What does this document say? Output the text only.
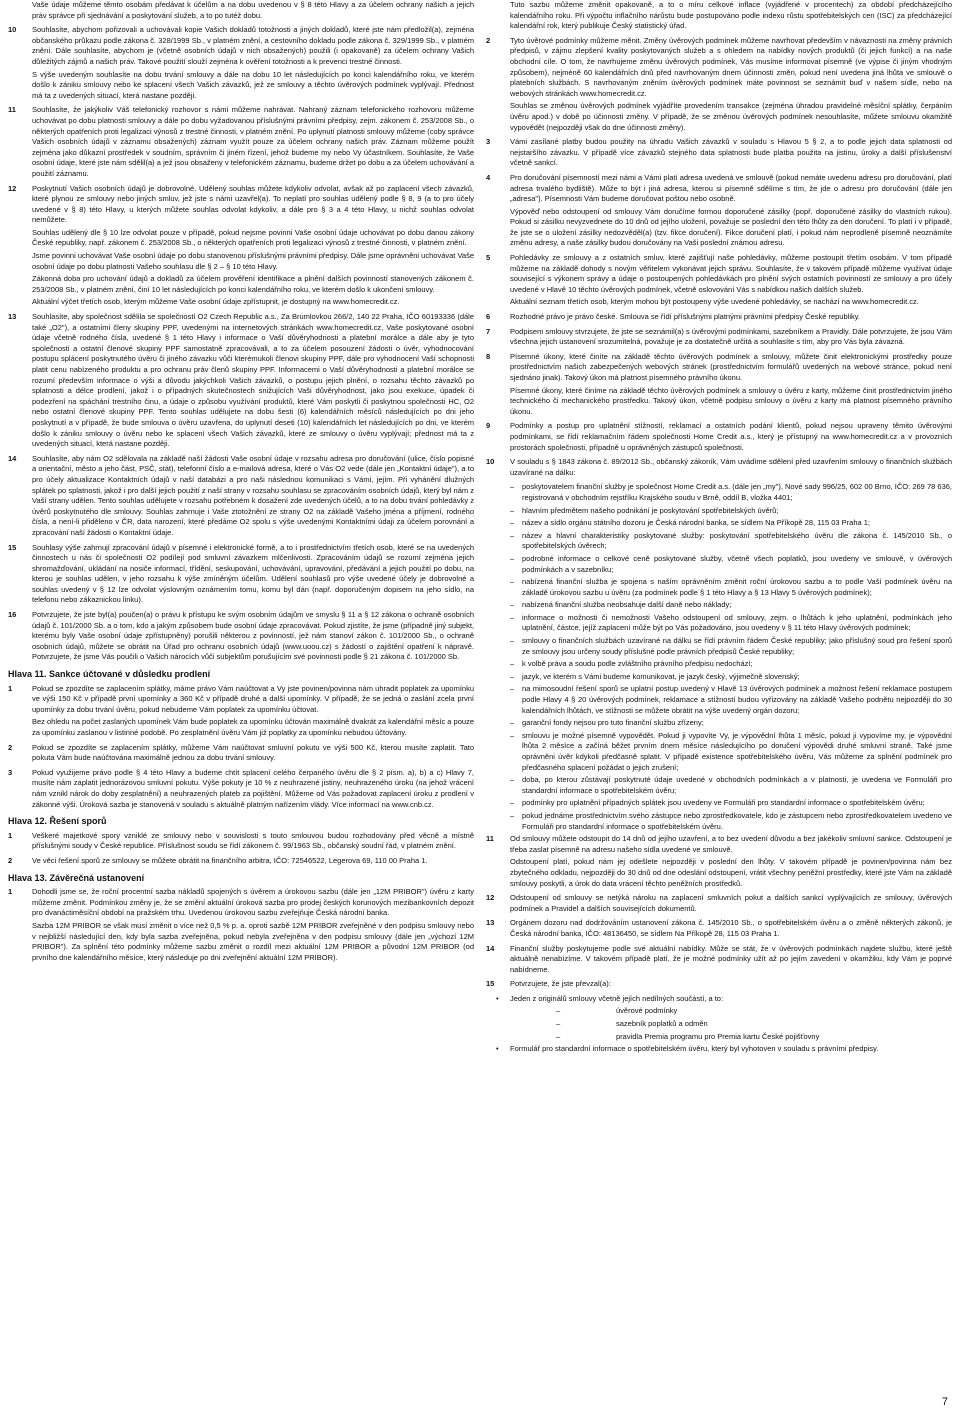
Vaše údaje můžeme těmto osobám předávat k účelům a na dobu uvedenou v § 8 této Hlavy a za účelem ochrany našich a jejich práv správce při sjednávání a poskytování služeb, a to po tutéž dobu.

10 Souhlasíte, abychom pořizovali a uchovávali kopie Vašich dokladů totožnosti a jiných dokladů, které jste nám předložil(a), zejména občanského průkazu podle zákona č. 328/1999 Sb., v platném znění, a cestovního dokladu podle zákona č. 329/1999 Sb., v platném znění. Dále souhlasíte, abychom je (včetně osobních údajů v nich obsažených) použili (i opakovaně) za účelem ochrany Vašich důležitých zájmů a našich práv. Takové použití slouží zejména k ověření totožnosti a k prevenci trestné činnosti.

S výše uvedeným souhlasíte na dobu trvání smlouvy a dále na dobu 10 let následujících po konci kalendářního roku, ve kterém došlo k zániku smlouvy nebo ke splacení všech Vašich závazků, jež ze smlouvy a těchto úvěrových podmínek vyplývají. Přednost má ta z uvedených situací, která nastane později.

11 Souhlasíte, že jakýkoliv Váš telefonický rozhovor s námi můžeme nahrávat. Nahraný záznam telefonického rozhovoru můžeme uchovávat po dobu platnosti smlouvy a dále po dobu vyžadovanou příslušnými právními předpisy, zejm. zákonem č. 253/2008 Sb., o některých opatřeních proti legalizaci výnosů z trestné činnosti, v platném znění. Po uplynutí platnosti smlouvy můžeme (coby správce Vašich osobních údajů v záznamu obsažených) záznam využít pouze za účelem ochrany našich práv. Záznam můžeme použít zejména jako důkazní prostředek v soudním, správním či jiném řízení, jehož budeme my nebo Vy účastníkem. Souhlasíte, že Vaše osobní údaje, které jste nám sdělil(a) a jež jsou obsaženy v telefonickém záznamu, budeme držet po dobu a za účelem uchovávání a použití záznamu.

12 Poskytnutí Vašich osobních údajů je dobrovolné. Udělený souhlas můžete kdykoliv odvolat, avšak až po zaplacení všech závazků, které plynou ze smlouvy nebo jiných smluv, jež jste s námi uzavřel(a). To neplatí pro souhlas udělený podle § 8, 9 (a to pro účely uvedené v § 8) této Hlavy, u kterých můžete souhlas odvolat kdykoliv, a dále pro § 3 a 4 této Hlavy, u nichž souhlas odvolat nemůžete.

Souhlas udělený dle § 10 lze odvolat pouze v případě, pokud nejsme povinni Vaše osobní údaje uchovávat po dobu danou zákony České republiky, např. zákonem č. 253/2008 Sb., o některých opatřeních proti legalizaci výnosů z trestné činnosti, v platném znění.

Jsme povinni uchovávat Vaše osobní údaje po dobu stanovenou příslušnými právními předpisy. Dále jsme oprávněni uchovávat Vaše osobní údaje po dobu platnosti Vašeho souhlasu dle § 2 – § 10 této Hlavy.

Zákonná doba pro uchování údajů a dokladů za účelem prověření identifikace a plnění dalších povinností stanovených zákonem č. 253/2008 Sb., v platném znění, činí 10 let následujících po konci kalendářního roku, ve kterém došlo k ukončení smlouvy.

Aktuální výčet třetích osob, kterým můžeme Vaše osobní údaje zpřístupnit, je dostupný na www.homecredit.cz.

13 Souhlasíte, aby společnost sdělila se společností O2 Czech Republic a.s., Za Brumlovkou 266/2, 140 22 Praha, IČO 60193336 (dále také „O2"), a ostatními členy skupiny PPF, uvedenými na internetových stránkách www.homecredit.cz, Vaše poskytované osobní údaje včetně rodného čísla, uvedené § 1 této Hlavy i informace o Vaší důvěryhodnosti a platební morálce a dále aby je tyto společnosti a ostatní členové skupiny PPF samostatně zpracovávali, a to za účelem posouzení žádosti o úvěr, vyhodnocování postupu splácení poskytnutého úvěru či jiného závazku vůči kterémukoli členovi skupiny PPF, dále pro vyhodnocení Vaší schopnosti platit cenu nabízeného produktu a pro ochranu práv členů skupiny PPF. Informacemi o Vaší důvěryhodnosti a platební morálce se rozumí především informace o výši a důvodu jakýchkoli Vašich závazků, o postupu jejich plnění, o rozsahu těchto závazků po splatnosti a délce prodlení, jakož i o případných skutečnostech snižujících Vaši důvěryhodnost, jako jsou exekuce, úpadek či podezření na spáchání trestního činu, a údaje o způsobu využívání produktů, které Vám poskytli či poskytnou společnosti HC, O2 nebo ostatní členové skupiny PPF. Tento souhlas udělujete na dobu šesti (6) kalendářních měsíců následujících po dni jeho poskytnutí a v případě, že bude smlouva o úvěru uzavřena, do uplynutí deseti (10) kalendářních let následujících po dni, ve kterém došlo k zániku smlouvy o úvěru nebo ke splacení všech Vašich závazků, které ze smlouvy o úvěru vyplývají; přednost má ta z uvedených situací, která nastane později.

14 Souhlasíte, aby nám O2 sdělovala na základě naší žádosti Vaše osobní údaje v rozsahu adresa pro doručování (ulice, číslo popisné a orientační, město a jeho část, PSČ, stát), telefonní číslo a e-mailová adresa, které o Vás O2 vede (dále jen „Kontaktní údaje"), a to pro účely aktualizace Kontaktních údajů v naší databázi a pro naši následnou komunikaci s Vámi, jejím. Při vyhánění dlužných splátek po splatnosti, jakož i pro další jejich použití z naší strany v rozsahu souhlasu se zpracováním osobních údajů, který byl nám z Vaší strany udělen. Tento souhlas udělujete v rozsahu potřebném k dosažení zde uvedených účelů, a to na dobu trvání pohledávky z úvěrů poskytnutého dle smlouvy. Souhlas zahrnuje i Vaše ztotožnění ze strany O2 na základě Vašeho jména a příjmení, rodného čísla, a není-li přiděleno v ČR, data narození, které předáme O2 spolu s výše uvedenými Kontaktními údaji za účelem porovnání a zpracování naší žádosti o Kontaktní údaje.

15 Souhlasy výše zahrnují zpracování údajů v písemné i elektronické formě, a to i prostřednictvím třetích osob, které se na uvedených činnostech u nás či společnosti O2 podílejí pod smluvní závazkem mlčenlivosti. Zpracováním údajů se rozumí zejména jejich shromažďování, ukládání na nosiče informací, třídění, seskupování, uchovávání, upravování, předávání a jejich použití po dobu, na kterou je souhlas udělen, v jeho rozsahu k výše zmíněným účelům. Udělení souhlasů pro výše uvedené účely je dobrovolné a souhlas uvedený v § 12 lze odvolat výslovným oznámením tomu, komu byl dán (např. doporučeným dopisem na jeho sídlo, na telefonu nebo zákaznickou linku).

16 Potvrzujete, že jste byl(a) poučen(a) o právu k přístupu ke svým osobním údajům ve smyslu § 11 a § 12 zákona o ochraně osobních údajů č. 101/2000 Sb. a o tom, kdo a jakým způsobem bude osobní údaje zpracovávat. Pokud zjistíte, že jsme (případně jiný subjekt, kterému byly Vaše osobní údaje zpřístupněny) porušili některou z povinností, jež nám stanoví zákon č. 101/2000 Sb., o ochraně osobních údajů, můžete se obrátit na Úřad pro ochranu osobních údajů (www.uoou.cz) s žádostí o zajištění opatření k nápravě. Potvrzujete, že jsme Vás poučili o Vašich nárocích vůči subjektům porušujícím své povinnosti podle § 21 zákona č. 101/2000 Sb.

Hlava 11. Sankce účtované v důsledku prodlení
1	Pokud se zpozdíte se zaplacením splátky, máme právo Vám naúčtovat a Vy jste povinen/povinna nám uhradit poplatek za upomínku ve výši 150 Kč v případě první upomínky a 360 Kč v případě druhé a další upomínky. V případě, že se jedná o zaslání zcela první upomínky za dobu trvání úvěru, pokud nebudeme Vám poplatek za upomínku účtovat.

Bez ohledu na počet zaslaných upomínek Vám bude poplatek za upomínku účtován maximálně dvakrát za kalendářní měsíc a pouze za upomínku zaslanou v listinné podobě. Po zesplatnění úvěru Vám již poplatky za upomínku nebudou účtovány.

2	Pokud se zpozdíte se zaplacením splátky, můžeme Vám naúčtovat smluvní pokutu ve výši 500 Kč, kterou musíte zaplatit. Tato pokuta Vám bude naúčtována maximálně jednou za dobu trvání smlouvy.

3	Pokud využijeme právo podle § 4 této Hlavy a budeme chtít splacení celého čerpaného úvěru dle § 2 písm. a), b) a c) Hlavy 7, musíte nám zaplatit jednorázovou smluvní pokutu. Výše pokuty je 10 % z neuhrazené jistiny, neuhrazeného úroku (na jehož vrácení nám vznikl nárok do doby zesplatnění) a neuhrazených plateb za pojištění. Můžeme od Vás požadovat zaplacení úroku z prodlení v zákonné výši. Úroková sazba je stanovená v souladu s aktuálně platným nařízením vlády. Více informací na www.cnb.cz.

Hlava 12. Řešení sporů
1	Veškeré majetkové spory vzniklé ze smlouvy nebo v souvislosti s touto smlouvou budou rozhodovány před věcně a místně příslušnými soudy v České republice. Příslušnost soudu se řídí zákonem č. 99/1963 Sb., občanský soudní řád, v platném znění.

2	Ve věci řešení sporů ze smlouvy se můžete obrátit na finančního arbitra, IČO: 72546522, Legerova 69, 110 00 Praha 1.

Hlava 13. Závěrečná ustanovení
1	Dohodli jsme se, že roční procentní sazba nákladů spojených s úvěrem a úrokovou sazbu (dále jen „12M PRIBOR") úvěru z karty můžeme změnit. Podmínkou změny je, že se změní aktuální úroková sazba pro prodej českých korunových mezibankovních depozit pro dvanáctiměsíční období na pražském trhu. Uvedenou úrokovou sazbu zveřejňuje Česká národní banka.

Sazba 12M PRIBOR se však musí změnit o více než 0,5 % p. a. oproti sazbě 12M PRIBOR zveřejněné v den podpisu smlouvy nebo v nejbližší následující den, kdy byla sazba zveřejněna, pokud nebyla zveřejněna v den podpisu smlouvy (dále jen „výchozí 12M PRIBOR"). Za splnění této podmínky můžeme sazbu změnit o rozdíl mezi aktuální 12M PRIBOR a původní 12M PRIBOR (od prvního dne kalendářního měsíce, který následuje po dni zveřejnění aktuální 12M PRIBOR).

Tuto sazbu můžeme změnit opakovaně, a to o míru celkové inflace (vyjádřené v procentech) za období předcházejícího kalendářního roku. Při výpočtu inflačního nárůstu bude postupováno podle indexu růstu spotřebitelských cen (ISC) za předcházející kalendářní rok, který publikuje Český statistický úřad.

2	Tyto úvěrové podmínky můžeme měnit. Změny úvěrových podmínek můžeme navrhovat především v návaznosti na změny právních předpisů, v zájmu zlepšení kvality poskytovaných služeb a s ohledem na nabídky nových produktů (či jejich funkcí) a na naše obchodní cíle. O tom, že navrhujeme změnu úvěrových podmínek, Vás musíme informovat písemně (ve výpise či jiným vhodným způsobem), nejméně 60 kalendářních dnů před navrhovaným dnem účinnosti změn, pokud není uvedena jiná lhůta ve smlouvě o platebních službách. S navrhovaným zněním úvěrových podmínek máte povinnost se seznámit buď v našem sídle, nebo na webových stránkách www.homecredit.cz.

Souhlas se změnou úvěrových podmínek vyjádříte provedením transakce (zejména úhradou pravidelné měsíční splátky, čerpáním úvěru apod.) v době po účinnosti změny. V případě, že se změnou úvěrových podmínek nesouhlasíte, můžete smlouvu okamžitě vypovědět (nejpozději však do dne účinnosti změny).

3	Vámi zasílané platby budou použity na úhradu Vašich závazků v souladu s Hlavou 5 § 2, a to podle jejich data splatnosti od nejstaršího závazku. V případě více závazků stejného data splatnosti bude platba použita na jistinu, úroky a další příslušenství včetně sankcí.

4	Pro doručování písemností mezi námi a Vámi platí adresa uvedená ve smlouvě (pokud nemáte uvedenu adresu pro doručování, platí adresa trvalého bydliště). Může to být i jiná adresa, kterou si písemně sdělíme s tím, že jde o adresu pro doručování (dále jen „adresa"). Písemnosti Vám budeme doručovat poštou nebo osobně.

Výpověď nebo odstoupení od smlouvy Vám doručíme formou doporučené zásilky (popř. doporučené zásilky do vlastních rukou). Pokud si zásilku nevyzvednete do 10 dnů od jejího uložení, považuje se poslední den této lhůty za den doručení. To platí i v případě, že jste se o uložení zásilky nedozvěděl(a) (tzv. fikce doručení). Fikce doručení platí, i pokud nám neprodleně písemně neoznámíte změnu adresy, a naše zásilky budou doručovány na Vaši poslední známou adresu.

5	Pohledávky ze smlouvy a z ostatních smluv, které zajišťují naše pohledávky, můžeme postoupit třetím osobám. V tom případě můžeme na základě dohody s novým věřitelem vykonávat jejich správu. Souhlasíte, že v takovém případě můžeme využívat údaje související s výkonem správy a údaje o postoupených pohledávkách pro plnění svých ostatních povinností ze smlouvy a pro účely uvedené v Hlavě 10 těchto úvěrových podmínek, včetně oslovování Vás s nabídkou našich dalších služeb.

Aktuální seznam třetích osob, kterým mohou být postoupeny výše uvedené pohledávky, se nachází na www.homecredit.cz.

6	Rozhodné právo je právo české. Smlouva se řídí příslušnými platnými právními předpisy České republiky.

7	Podpisem smlouvy stvrzujete, že jste se seznámil(a) s úvěrovými podmínkami, sazebníkem a Pravidly. Dále potvrzujete, že jsou Vám všechna jejich ustanovení srozumitelná, považuje je za dostatečně určitá a souhlasíte s tím, aby pro Vás byla závazná.

8	Písemné úkony, které činíte na základě těchto úvěrových podmínek a smlouvy, můžete činit elektronickými prostředky pouze prostřednictvím našich zabezpečených webových stránek (prostřednictvím formulářů uvedených na webové stránce, pokud není sjednáno jinak). Takový úkon má platnost písemného právního úkonu.

Písemné úkony, které činíme na základě těchto úvěrových podmínek a smlouvy o úvěru z karty, můžeme činit prostřednictvím jiného technického či mechanického prostředku. Takový úkon, včetně podpisu smlouvy o úvěru z karty má platnost písemného právního úkonu.

9	Podmínky a postup pro uplatnění stížností, reklamací a ostatních podání klientů, pokud nejsou upraveny těmito úvěrovými podmínkami, se řídí reklamačním řádem společnosti Home Credit a.s., který je přístupný na www.homecredit.cz a v provozních prostorách společnosti, případně u oprávněných zástupců společnosti.

10 V souladu s § 1843 zákona č. 89/2012 Sb., občanský zákoník, Vám uvádíme sdělení před uzavřením smlouvy o finančních službách uzavírané na dálku:

– poskytovatelem finanční služby je společnost Home Credit a.s. (dále jen „my"), Nové sady 996/25, 602 00 Brno, IČO: 269 78 636, registrovaná v obchodním rejstříku Krajského soudu v Brně, oddíl B, vložka 4401;
– hlavním předmětem našeho podnikání je poskytování spotřebitelských úvěrů;
– název a sídlo orgánu státního dozoru je Česká národní banka, se sídlem Na Příkopě 28, 115 03 Praha 1;
– název a hlavní charakteristiky poskytované služby: poskytování spotřebitelského úvěru dle zákona č. 145/2010 Sb., o spotřebitelských úvěrech;
– podrobné informace o celkové ceně poskytované služby, včetně všech poplatků, jsou uvedeny ve smlouvě, v úvěrových podmínkách a v sazebníku;
– nabízená finanční služba je spojena s naším oprávněním změnit roční úrokovou sazbu a to podle Vaší podmínek úvěru na základě úrokovou sazbu u úvěru (za podmínek podle § 1 této Hlavy a § 13 Hlavy 5 úvěrových podmínek);
– nabízená finanční služba neobsahuje další daně nebo náklady;
– informace o možnosti či nemožnosti Vašeho odstoupení od smlouvy, zejm. o lhůtách k jeho uplatnění, podmínkách jeho uplatnění, částce, jejíž zaplacení může být po Vás požadováno, jsou uvedeny v § 11 této Hlavy úvěrových podmínek;
– smlouvy o finančních službách uzavírané na dálku se řídí právním řádem České republiky; jako příslušný soud pro řešení sporů ze smlouvy jsou určeny soudy příslušné podle právních předpisů České republiky;
– k volbě práva a soudu podle zvláštního právního předpisu nedochází;
– jazyk, ve kterém s Vámi budeme komunikovat, je jazyk český, výjimečně slovenský;
– na mimosoudní řešení sporů se uplatní postup uvedený v Hlavě 13 úvěrových podmínek a možnost řešení reklamace postupem podle Hlavy 4 § 20 úvěrových podmínek, reklamace a stížností budou vyřizovány na základě Vašeho podnětu nejpozději do 30 kalendářních lhůtách, ve stížnosti se můžete obrátit na výše uvedený orgán dozoru;
– garanční fondy nejsou pro tuto finanční službu zřízeny;
– smlouvu je možné písemně vypovědět. Pokud ji vypovíte Vy, je výpovědní lhůta 1 měsíc, pokud ji vypovíme my, je výpovědní lhůta 2 měsíce a začíná běžet prvním dnem měsíce následujícího po doručení výpovědi druhé smluvní straně. Také jsme oprávněni úvěr kdykoli předčasně splatit. V případě existence spotřebitelského úvěru, Vás můžeme za splnění podmínek pro předčasného splacení požádat o jejich zrušení;
– doba, po kterou zůstávají poskytnuté údaje uvedené v obchodních podmínkách a v platnosti, je uvedena ve Formuláři pro standardní informace o spotřebitelském úvěru;
– podmínky pro uplatnění případných splátek jsou uvedeny ve Formuláři pro standardní informace o spotřebitelském úvěru;
– pokud jednáme prostřednictvím svého zástupce nebo zprostředkovatele, kdo je zástupcem nebo zprostředkovatelem uvedeno ve Formuláři pro standardní informace o spotřebitelském úvěru.
11 Od smlouvy můžete odstoupit do 14 dnů od jejího uzavření, a to bez uvedení důvodu a bez jakékoliv smluvní sankce. Odstoupení je třeba zaslat písemně na adresu našeho sídla uvedené ve smlouvě.

Odstoupení platí, pokud nám jej odešlete nejpozději v poslední den lhůty. V takovém případě je povinen/povinna nám bez zbytečného odkladu, nejpozději do 30 dnů od dne odeslání odstoupení, vrátit všechny peněžní prostředky, které jste Vám na základě smlouvy poskytli, a úrok do data vrácení těchto peněžních prostředků.

12 Odstoupení od smlouvy se netýká nároku na zaplacení smluvních pokut a dalších sankcí vyplývajících ze smlouvy, úvěrových podmínek a Pravidel a dalších souvisejících dokumentů.

13 Orgánem dozoru nad dodržováním ustanovení zákona č. 145/2010 Sb., o spotřebitelském úvěru a o změně některých zákonů, je Česká národní banka, IČO: 48136450, se sídlem Na Příkopě 28, 115 03 Praha 1.

14 Finanční služby poskytujeme podle své aktuální nabídky. Může se stát, že v úvěrových podmínkách najdete službu, které ještě aktuálně nenabízíme. V takovém případě platí, že je možné podmínky užít až po jejím zavedení v okamžiku, kdy Vám je poprvé nabídneme.

15 Potvrzujete, že jste převzal(a):

• Jeden z originálů smlouvy včetně jejích nedílných součástí, a to:
– úvěrové podmínky
– sazebník poplatků a odměn
– pravidla Premia programu pro Premia kartu České pojišťovny
• Formulář pro standardní informace o spotřebitelském úvěru, který byl vyhotoven v souladu s právními předpisy.
7
